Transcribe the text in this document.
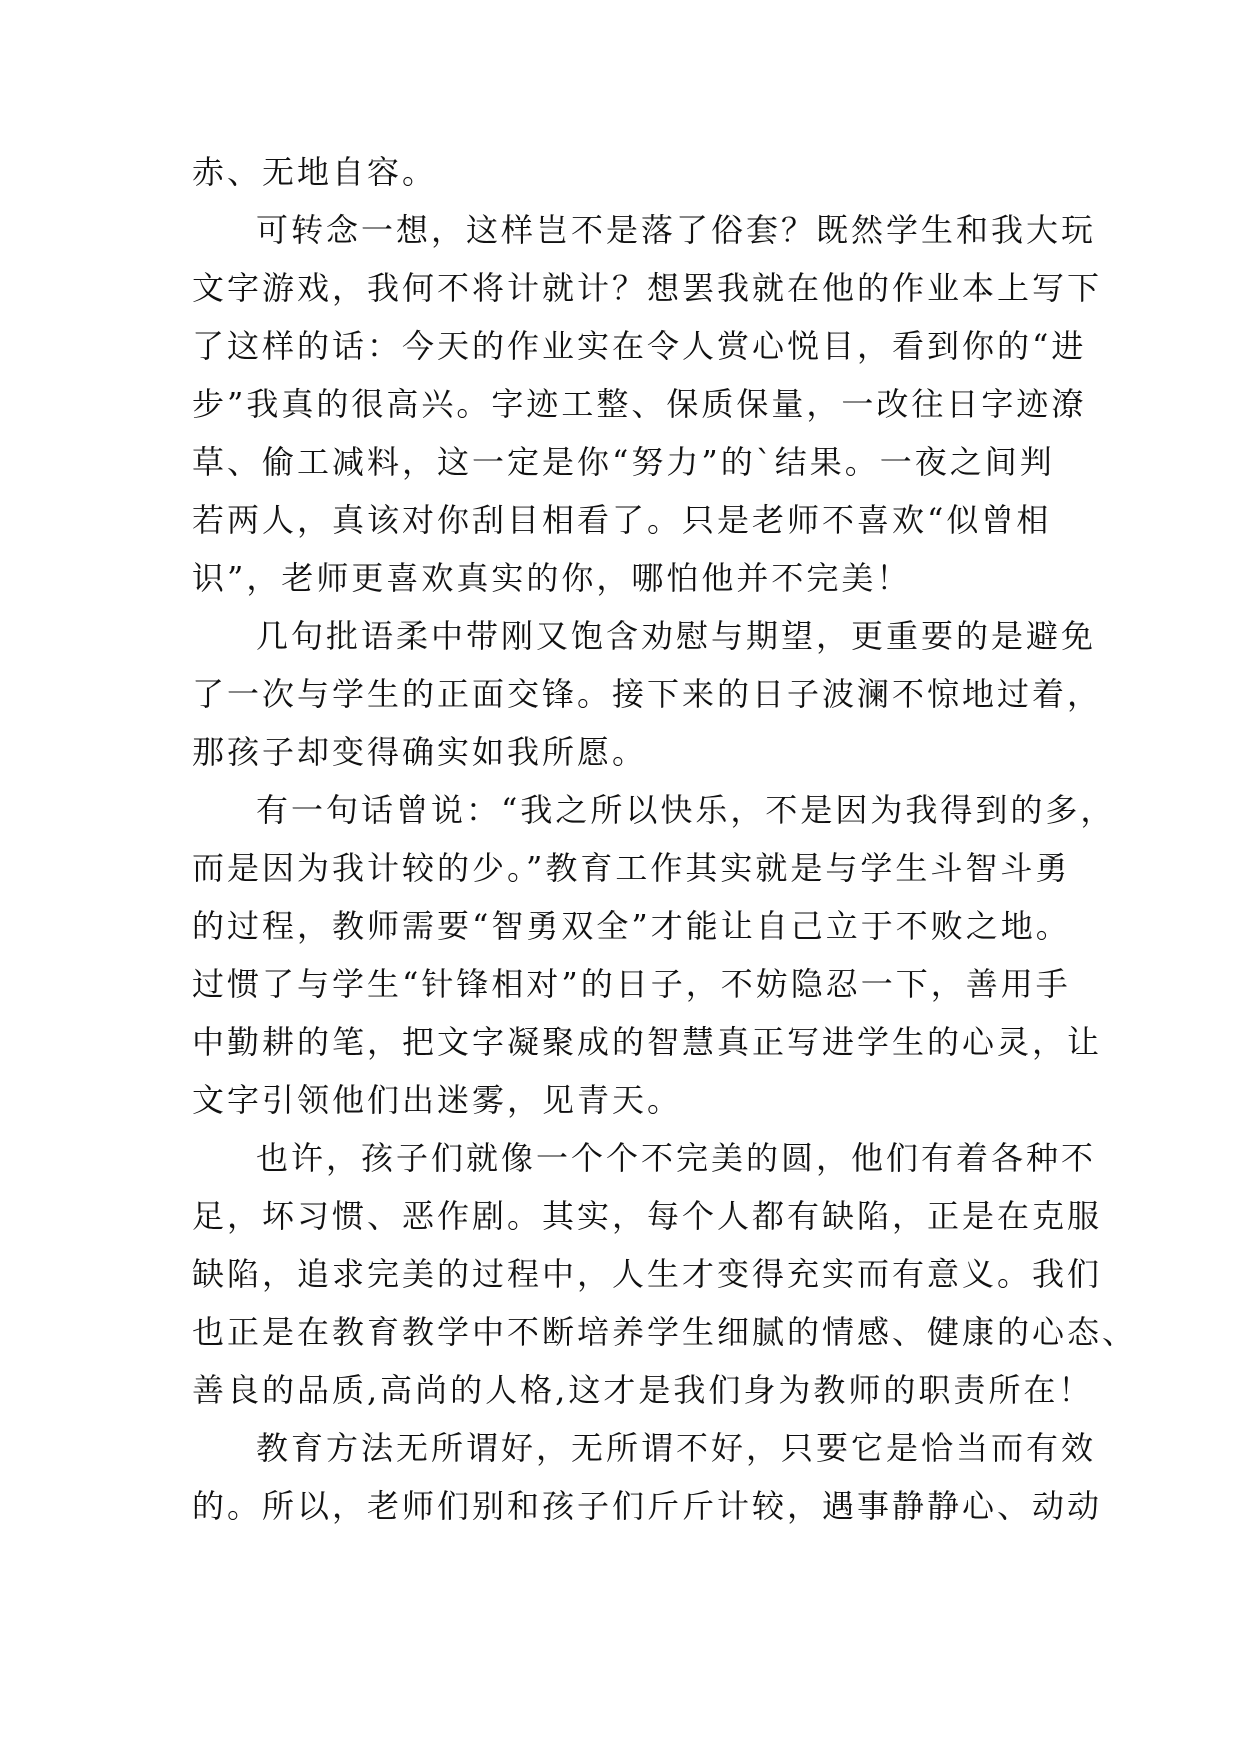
赤、无地自容。
可转念一想，这样岂不是落了俗套？既然学生和我大玩
文字游戏，我何不将计就计？想罢我就在他的作业本上写下
了这样的话：今天的作业实在令人赏心悦目，看到你的“进
步”我真的很高兴。字迹工整、保质保量，一改往日字迹潦
草、偷工减料，这一定是你“努力”的`结果。一夜之间判
若两人，真该对你刮目相看了。只是老师不喜欢“似曾相
识”，老师更喜欢真实的你，哪怕他并不完美！
几句批语柔中带刚又饱含劝慰与期望，更重要的是避免
了一次与学生的正面交锋。接下来的日子波澜不惊地过着，
那孩子却变得确实如我所愿。
有一句话曾说：“我之所以快乐，不是因为我得到的多，
而是因为我计较的少。”教育工作其实就是与学生斗智斗勇
的过程，教师需要“智勇双全”才能让自己立于不败之地。
过惯了与学生“针锋相对”的日子，不妨隐忍一下，善用手
中勤耕的笔，把文字凝聚成的智慧真正写进学生的心灵，让
文字引领他们出迷雾，见青天。
也许，孩子们就像一个个不完美的圆，他们有着各种不
足，坏习惯、恶作剧。其实，每个人都有缺陷，正是在克服
缺陷，追求完美的过程中，人生才变得充实而有意义。我们
也正是在教育教学中不断培养学生细腻的情感、健康的心态、
善良的品质,高尚的人格,这才是我们身为教师的职责所在！
教育方法无所谓好，无所谓不好，只要它是恰当而有效
的。所以，老师们别和孩子们斤斤计较，遇事静静心、动动
